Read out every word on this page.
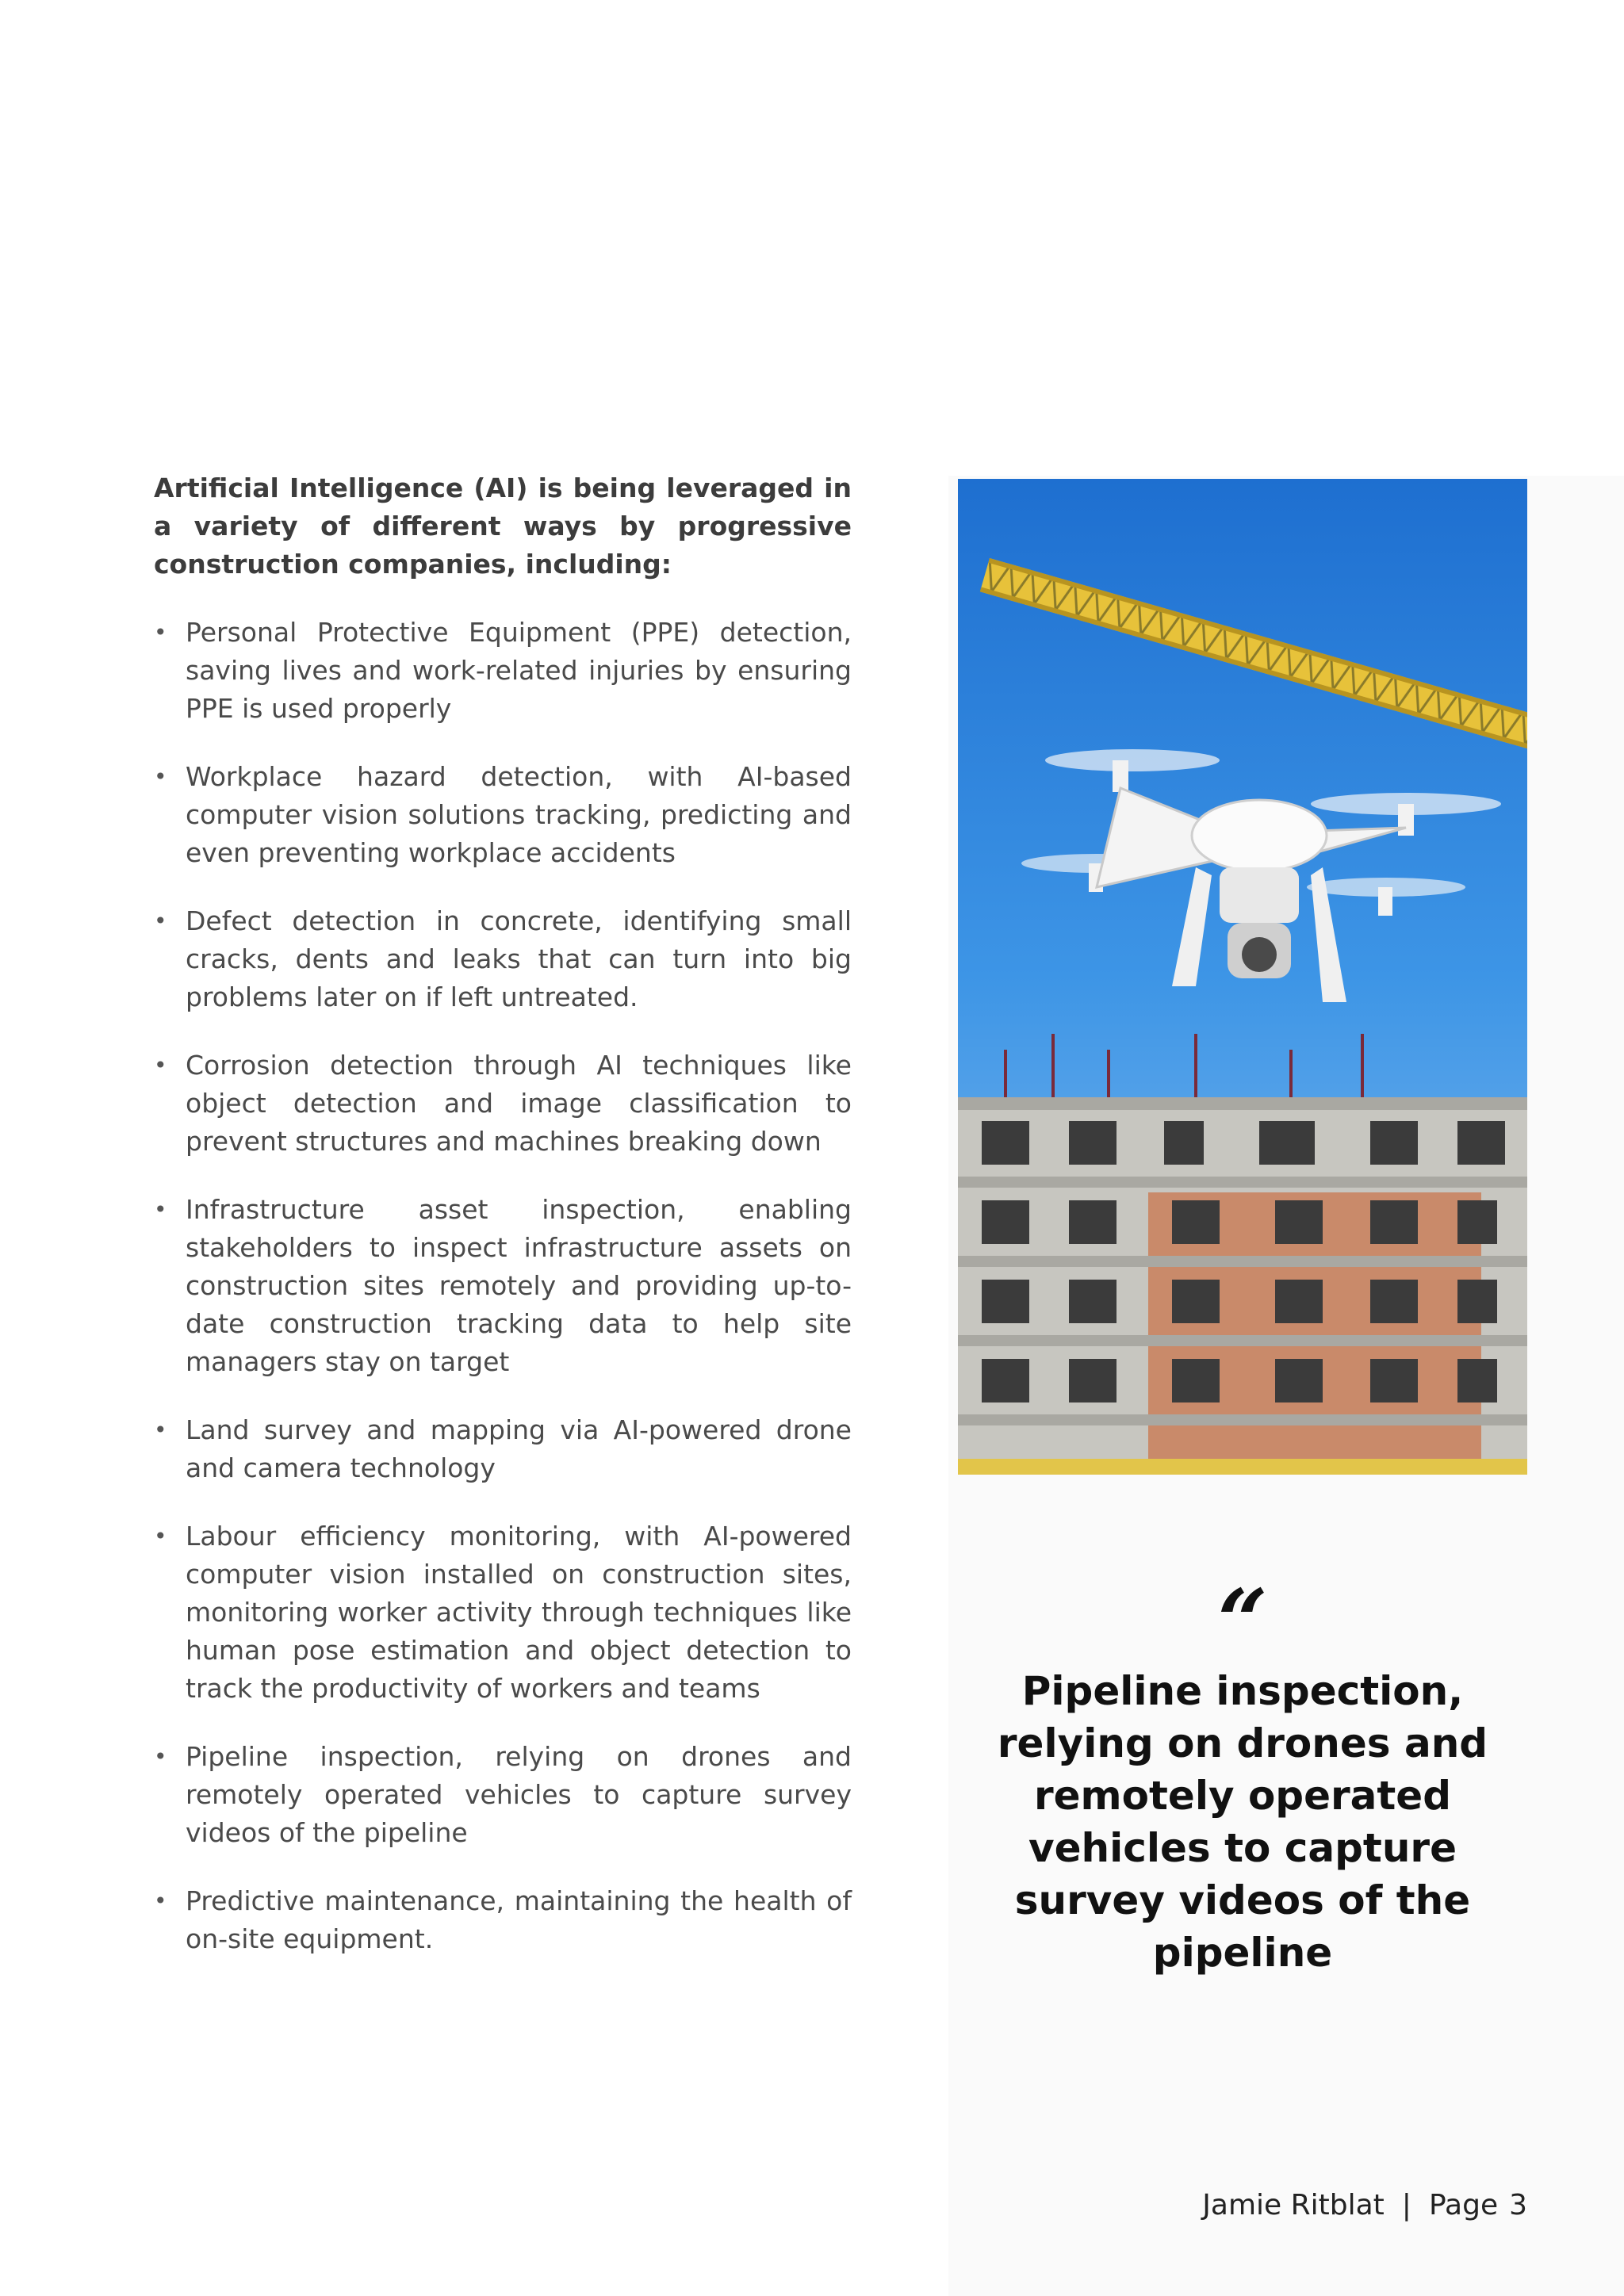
Artificial Intelligence (AI) is being leveraged in a variety of different ways by progressive construction companies, including:

• Personal Protective Equipment (PPE) detection, saving lives and work-related injuries by ensuring PPE is used properly
• Workplace hazard detection, with AI-based computer vision solutions tracking, predicting and even preventing workplace accidents
• Defect detection in concrete, identifying small cracks, dents and leaks that can turn into big problems later on if left untreated.
• Corrosion detection through AI techniques like object detection and image classification to prevent structures and machines breaking down
• Infrastructure asset inspection, enabling stakeholders to inspect infrastructure assets on construction sites remotely and providing up-to-date construction tracking data to help site managers stay on target
• Land survey and mapping via AI-powered drone and camera technology
• Labour efficiency monitoring, with AI-powered computer vision installed on construction sites, monitoring worker activity through techniques like human pose estimation and object detection to track the productivity of workers and teams
• Pipeline inspection, relying on drones and remotely operated vehicles to capture survey videos of the pipeline
• Predictive maintenance, maintaining the health of on-site equipment.
“

Pipeline inspection, relying on drones and remotely operated vehicles to capture survey videos of the pipeline

Jamie Ritblat | Page 3
